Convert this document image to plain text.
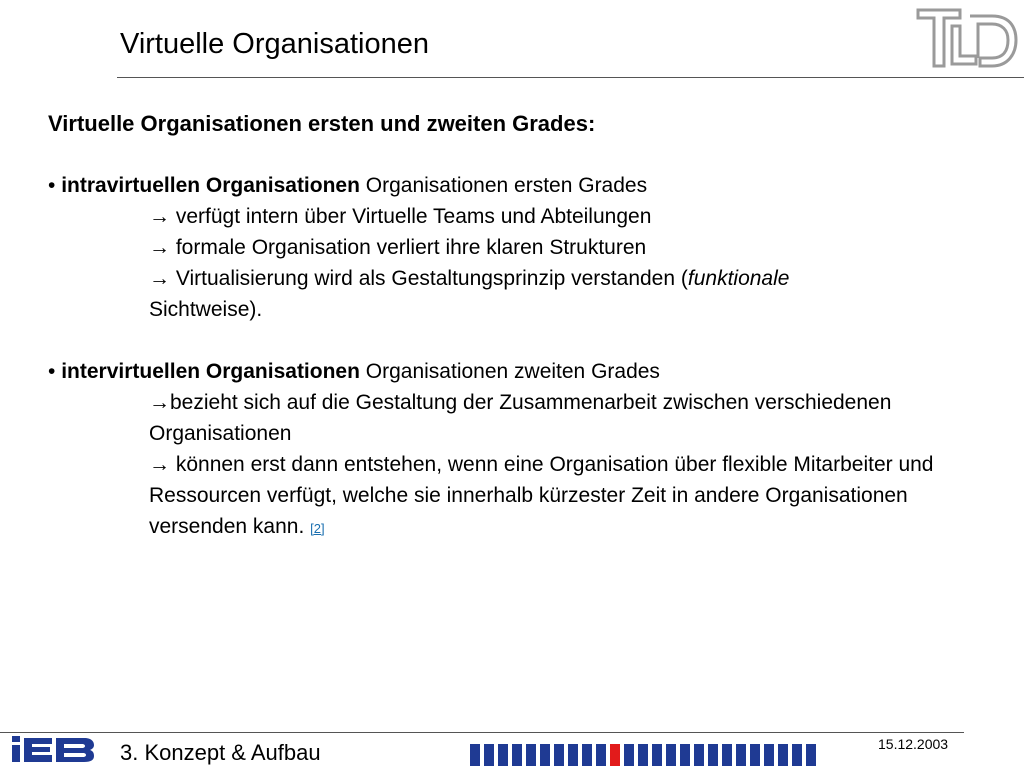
Virtuelle Organisationen
Virtuelle Organisationen ersten und zweiten Grades:
• intravirtuellen Organisationen Organisationen ersten Grades
→ verfügt intern über Virtuelle Teams und Abteilungen
→ formale Organisation verliert ihre klaren Strukturen
→ Virtualisierung wird als Gestaltungsprinzip verstanden (funktionale
Sichtweise).
• intervirtuellen Organisationen Organisationen zweiten Grades
→bezieht sich auf die Gestaltung der Zusammenarbeit zwischen verschiedenen Organisationen
→ können erst dann entstehen, wenn eine Organisation über flexible Mitarbeiter und Ressourcen verfügt, welche sie innerhalb kürzester Zeit in andere Organisationen versenden kann. [2]
3. Konzept & Aufbau	15.12.2003
